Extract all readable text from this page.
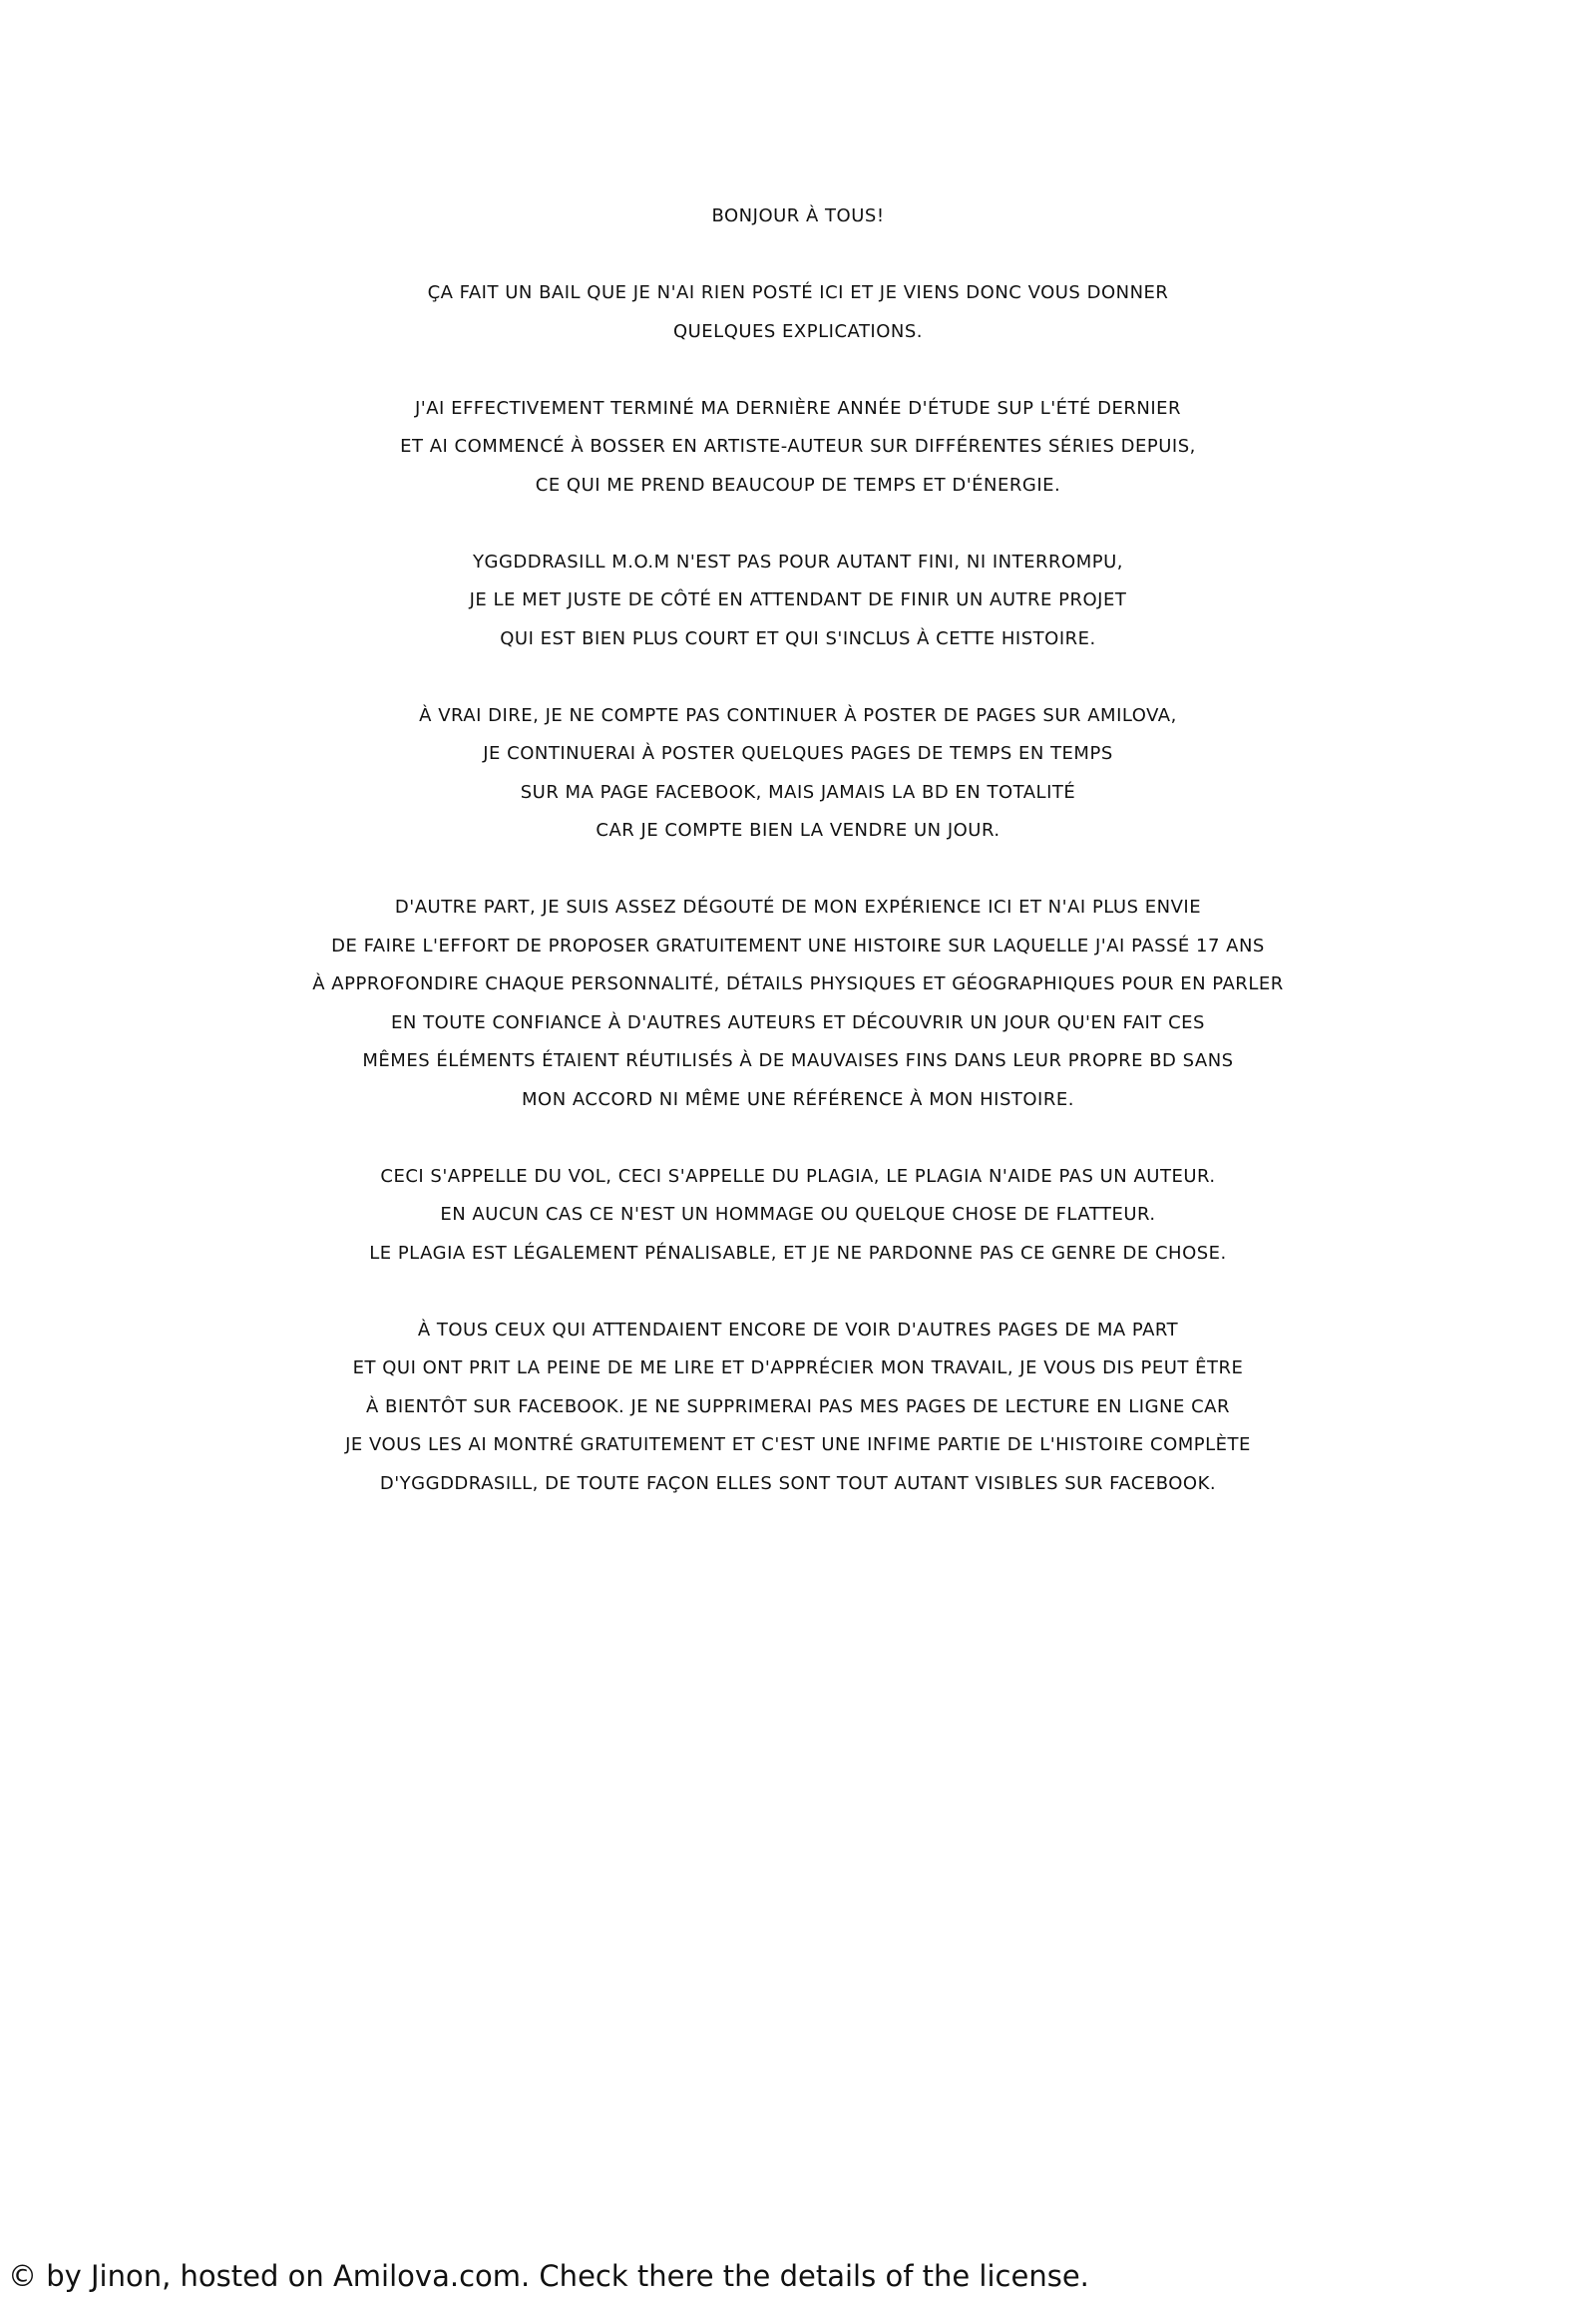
BONJOUR À TOUS!

ÇA FAIT UN BAIL QUE JE N'AI RIEN POSTÉ ICI ET JE VIENS DONC VOUS DONNER
QUELQUES EXPLICATIONS.

J'AI EFFECTIVEMENT TERMINÉ MA DERNIÈRE ANNÉE D'ÉTUDE SUP L'ÉTÉ DERNIER
ET AI COMMENCÉ À BOSSER EN ARTISTE-AUTEUR SUR DIFFÉRENTES SÉRIES DEPUIS,
CE QUI ME PREND BEAUCOUP DE TEMPS ET D'ÉNERGIE.

YGGDDRASILL M.O.M N'EST PAS POUR AUTANT FINI, NI INTERROMPU,
JE LE MET JUSTE DE CÔTÉ EN ATTENDANT DE FINIR UN AUTRE PROJET
QUI EST BIEN PLUS COURT ET QUI S'INCLUS À CETTE HISTOIRE.

À VRAI DIRE, JE NE COMPTE PAS CONTINUER À POSTER DE PAGES SUR AMILOVA,
JE CONTINUERAI À POSTER QUELQUES PAGES DE TEMPS EN TEMPS
SUR MA PAGE FACEBOOK, MAIS JAMAIS LA BD EN TOTALITÉ
CAR JE COMPTE BIEN LA VENDRE UN JOUR.

D'AUTRE PART, JE SUIS ASSEZ DÉGOUTÉ DE MON EXPÉRIENCE ICI ET N'AI PLUS ENVIE
DE FAIRE L'EFFORT DE PROPOSER GRATUITEMENT UNE HISTOIRE SUR LAQUELLE J'AI PASSÉ 17 ANS
À APPROFONDIRE CHAQUE PERSONNALITÉ, DÉTAILS PHYSIQUES ET GÉOGRAPHIQUES POUR EN PARLER
EN TOUTE CONFIANCE À D'AUTRES AUTEURS ET DÉCOUVRIR UN JOUR QU'EN FAIT CES
MÊMES ÉLÉMENTS ÉTAIENT RÉUTILISÉS À DE MAUVAISES FINS DANS LEUR PROPRE BD SANS
MON ACCORD NI MÊME UNE RÉFÉRENCE À MON HISTOIRE.

CECI S'APPELLE DU VOL, CECI S'APPELLE DU PLAGIA, LE PLAGIA N'AIDE PAS UN AUTEUR.
EN AUCUN CAS CE N'EST UN HOMMAGE OU QUELQUE CHOSE DE FLATTEUR.
LE PLAGIA EST LÉGALEMENT PÉNALISABLE, ET JE NE PARDONNE PAS CE GENRE DE CHOSE.

À TOUS CEUX QUI ATTENDAIENT ENCORE DE VOIR D'AUTRES PAGES DE MA PART
ET QUI ONT PRIT LA PEINE DE ME LIRE ET D'APPRÉCIER MON TRAVAIL, JE VOUS DIS PEUT ÊTRE
À BIENTÔT SUR FACEBOOK. JE NE SUPPRIMERAI PAS MES PAGES DE LECTURE EN LIGNE CAR
JE VOUS LES AI MONTRÉ GRATUITEMENT ET C'EST UNE INFIME PARTIE DE L'HISTOIRE COMPLÈTE
D'YGGDDRASILL, DE TOUTE FAÇON ELLES SONT TOUT AUTANT VISIBLES SUR FACEBOOK.

© by Jinon, hosted on Amilova.com. Check there the details of the license.
